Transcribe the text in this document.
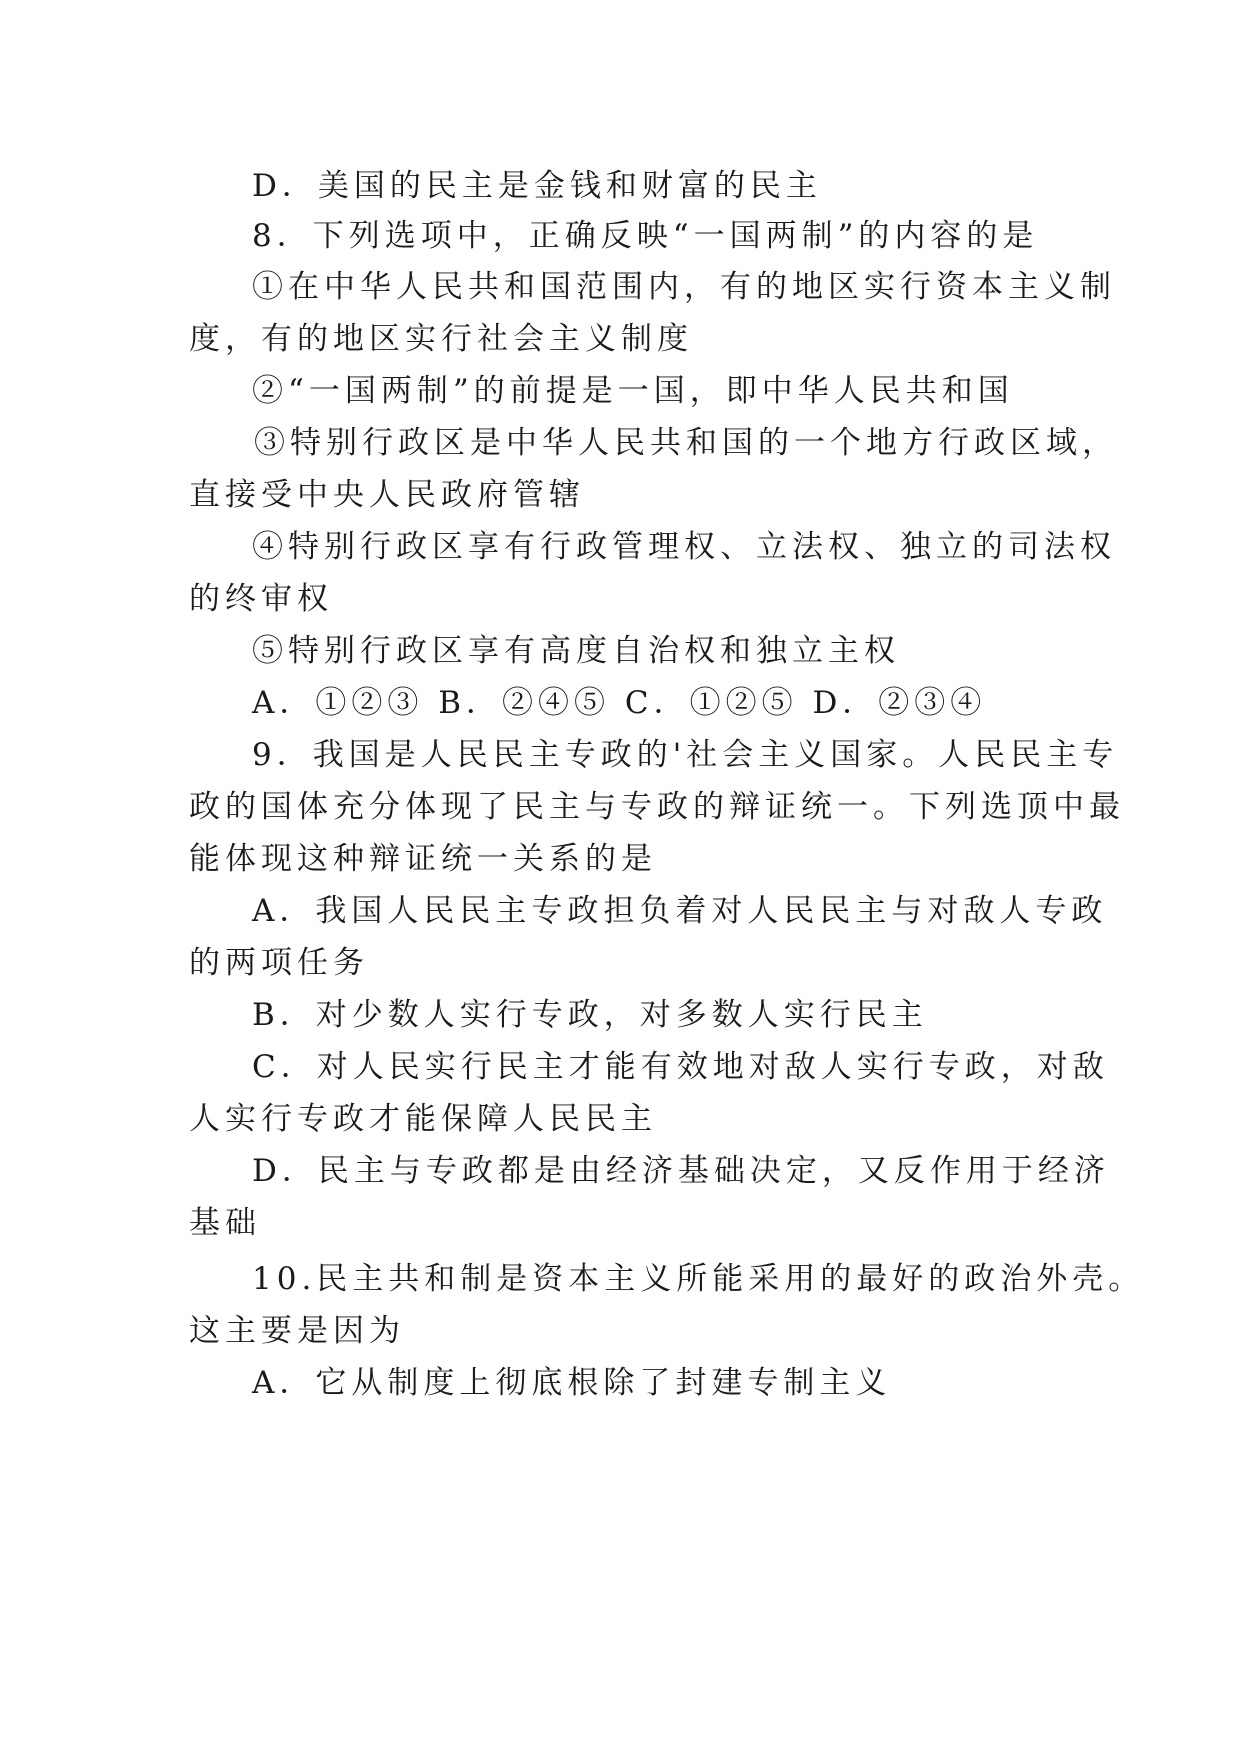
D．美国的民主是金钱和财富的民主
8．下列选项中，正确反映“一国两制”的内容的是
①在中华人民共和国范围内，有的地区实行资本主义制
度，有的地区实行社会主义制度
②“一国两制”的前提是一国，即中华人民共和国
③特别行政区是中华人民共和国的一个地方行政区域，
直接受中央人民政府管辖
④特别行政区享有行政管理权、立法权、独立的司法权
的终审权
⑤特别行政区享有高度自治权和独立主权
A．①②③ B．②④⑤ C．①②⑤ D．②③④
9．我国是人民民主专政的'社会主义国家。人民民主专
政的国体充分体现了民主与专政的辩证统一。下列选顶中最
能体现这种辩证统一关系的是
A．我国人民民主专政担负着对人民民主与对敌人专政
的两项任务
B．对少数人实行专政，对多数人实行民主
C．对人民实行民主才能有效地对敌人实行专政，对敌
人实行专政才能保障人民民主
D．民主与专政都是由经济基础决定，又反作用于经济
基础
10.民主共和制是资本主义所能采用的最好的政治外壳。
这主要是因为
A．它从制度上彻底根除了封建专制主义
